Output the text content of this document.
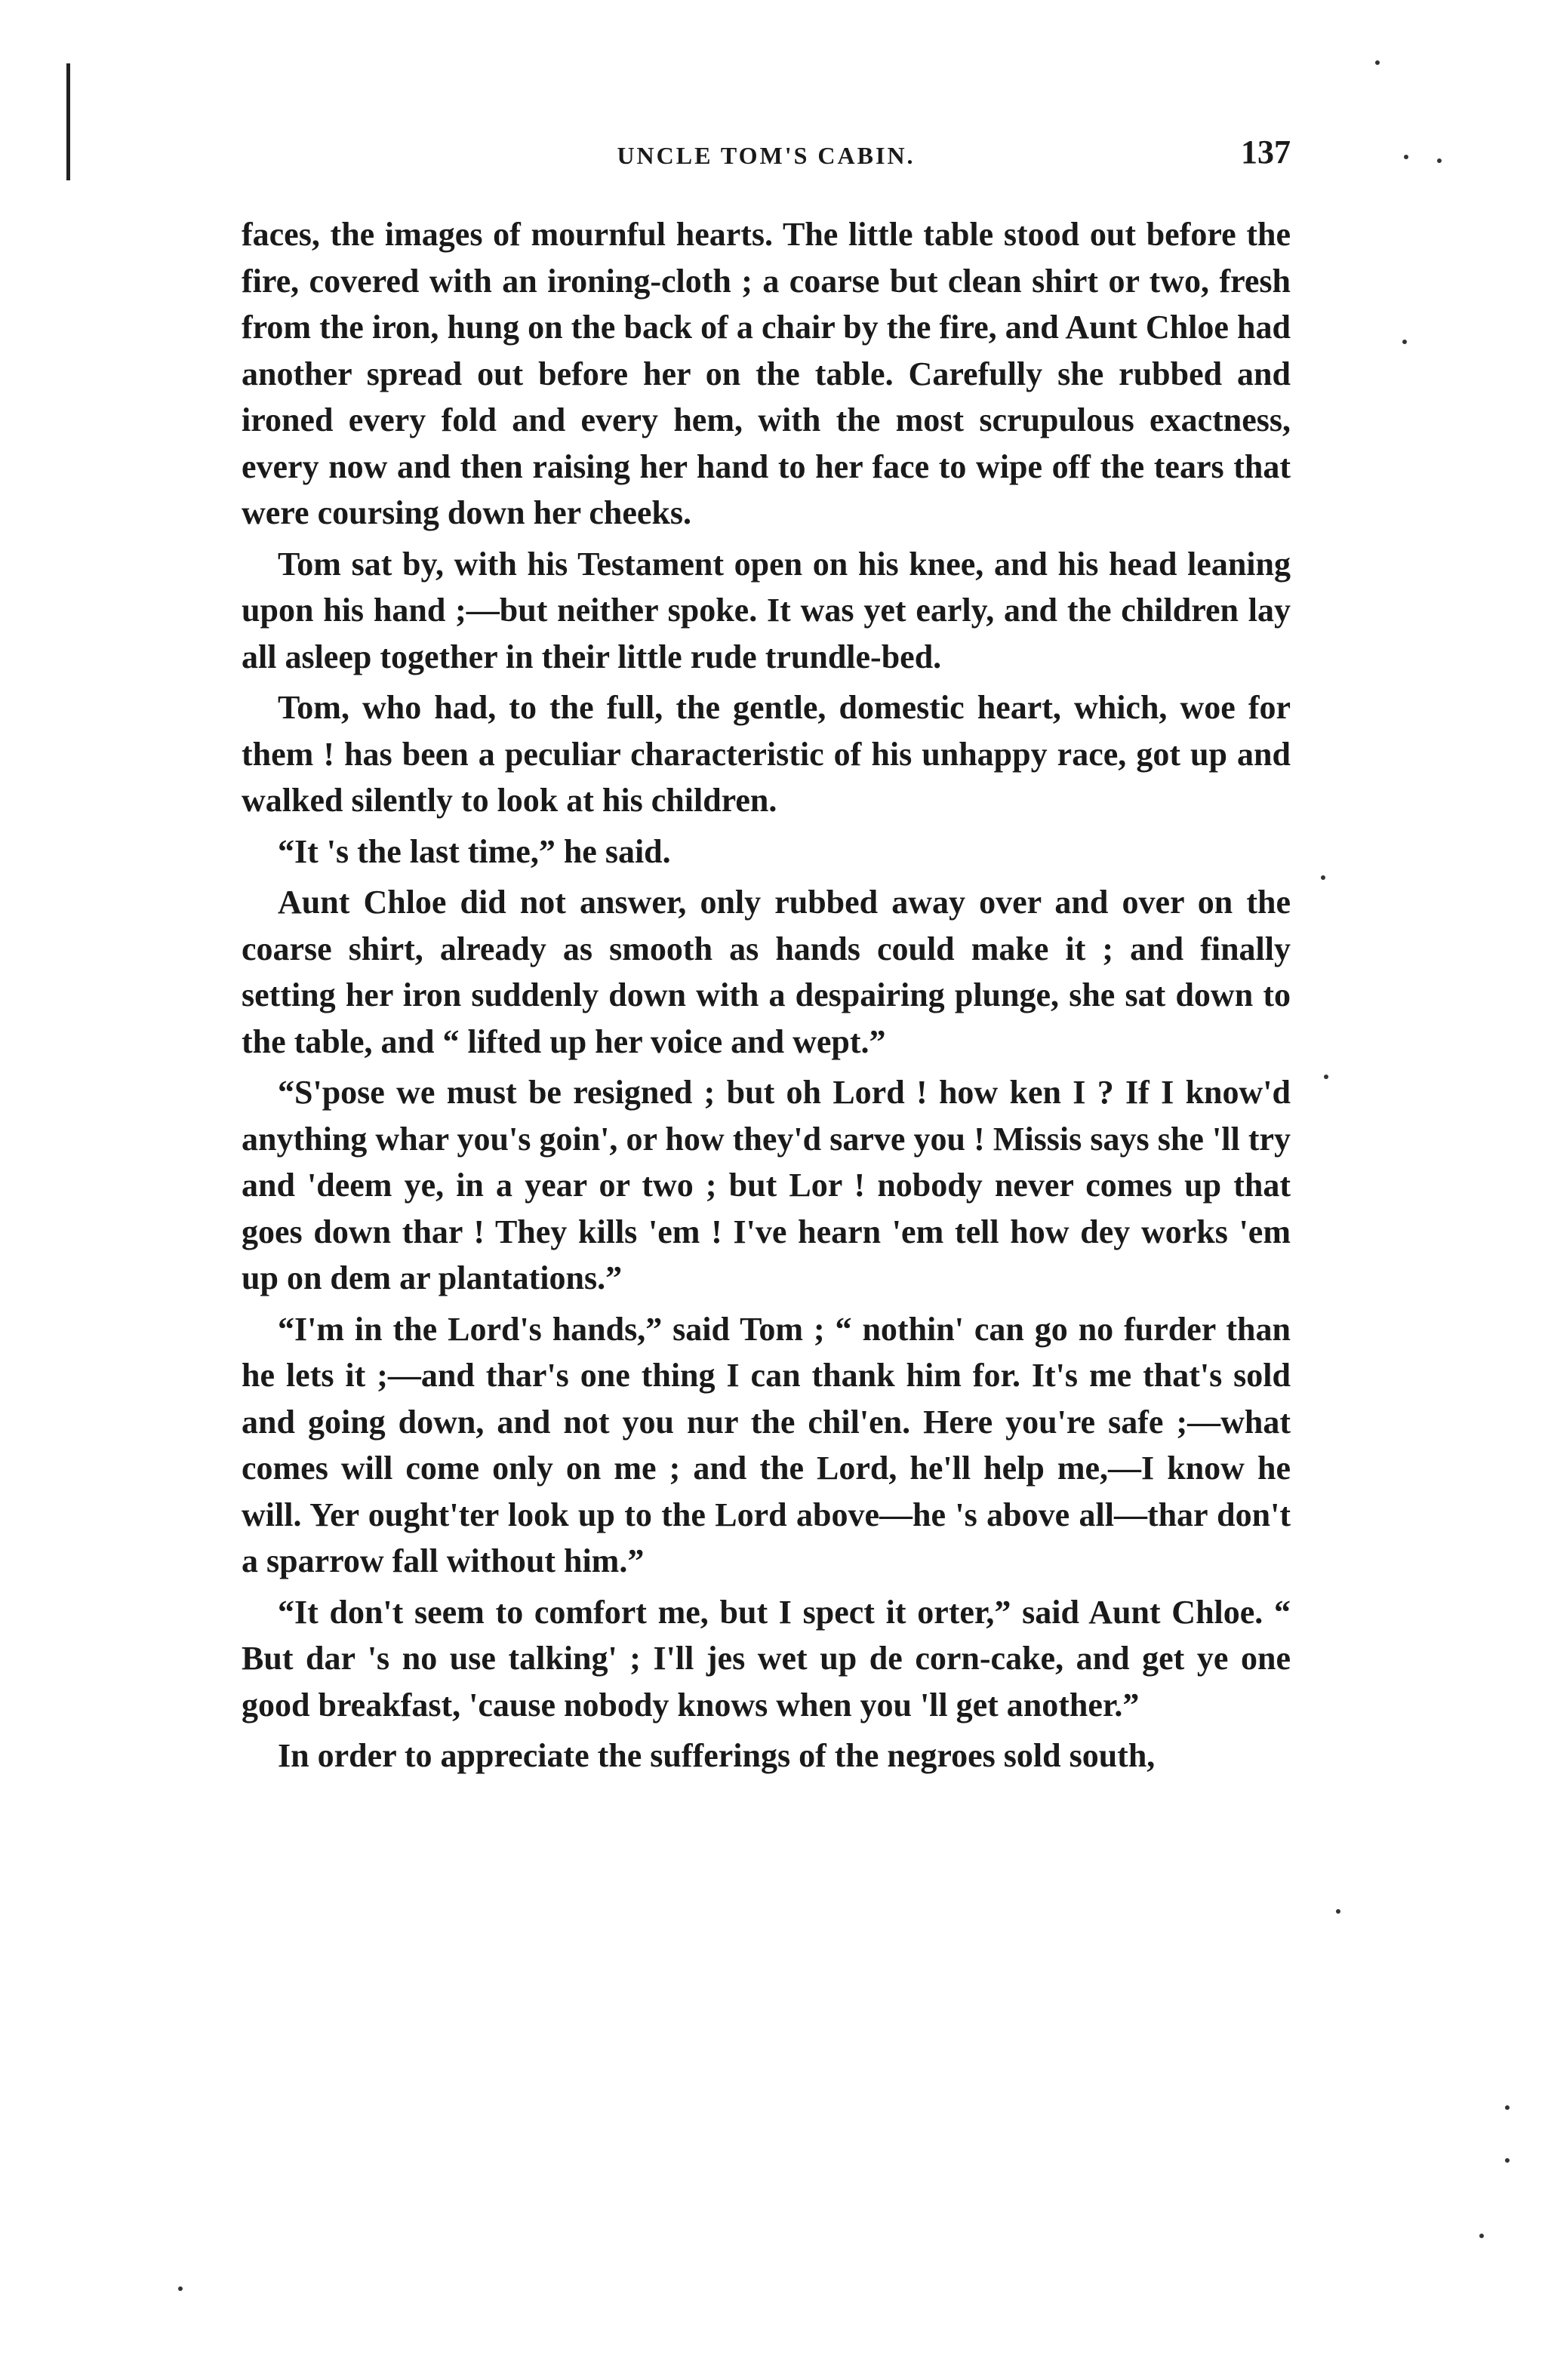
UNCLE TOM'S CABIN.	137

faces, the images of mournful hearts. The little table stood out before the fire, covered with an ironing-cloth ; a coarse but clean shirt or two, fresh from the iron, hung on the back of a chair by the fire, and Aunt Chloe had another spread out before her on the table. Carefully she rubbed and ironed every fold and every hem, with the most scrupulous exactness, every now and then raising her hand to her face to wipe off the tears that were coursing down her cheeks.

Tom sat by, with his Testament open on his knee, and his head leaning upon his hand ;—but neither spoke. It was yet early, and the children lay all asleep together in their little rude trundle-bed.

Tom, who had, to the full, the gentle, domestic heart, which, woe for them ! has been a peculiar characteristic of his unhappy race, got up and walked silently to look at his children.

“It 's the last time,” he said.

Aunt Chloe did not answer, only rubbed away over and over on the coarse shirt, already as smooth as hands could make it ; and finally setting her iron suddenly down with a despairing plunge, she sat down to the table, and “ lifted up her voice and wept.”

“S'pose we must be resigned ; but oh Lord ! how ken I ? If I know'd anything whar you's goin', or how they'd sarve you ! Missis says she 'll try and 'deem ye, in a year or two ; but Lor ! nobody never comes up that goes down thar ! They kills 'em ! I've hearn 'em tell how dey works 'em up on dem ar plantations.”

“I'm in the Lord's hands,” said Tom ; “ nothin' can go no furder than he lets it ;—and thar's one thing I can thank him for. It's me that's sold and going down, and not you nur the chil'en. Here you're safe ;—what comes will come only on me ; and the Lord, he'll help me,—I know he will. Yer ought'ter look up to the Lord above—he 's above all—thar don't a sparrow fall without him.”

“It don't seem to comfort me, but I spect it orter,” said Aunt Chloe. “ But dar 's no use talking' ; I'll jes wet up de corn-cake, and get ye one good breakfast, 'cause nobody knows when you 'll get another.”

In order to appreciate the sufferings of the negroes sold south,
